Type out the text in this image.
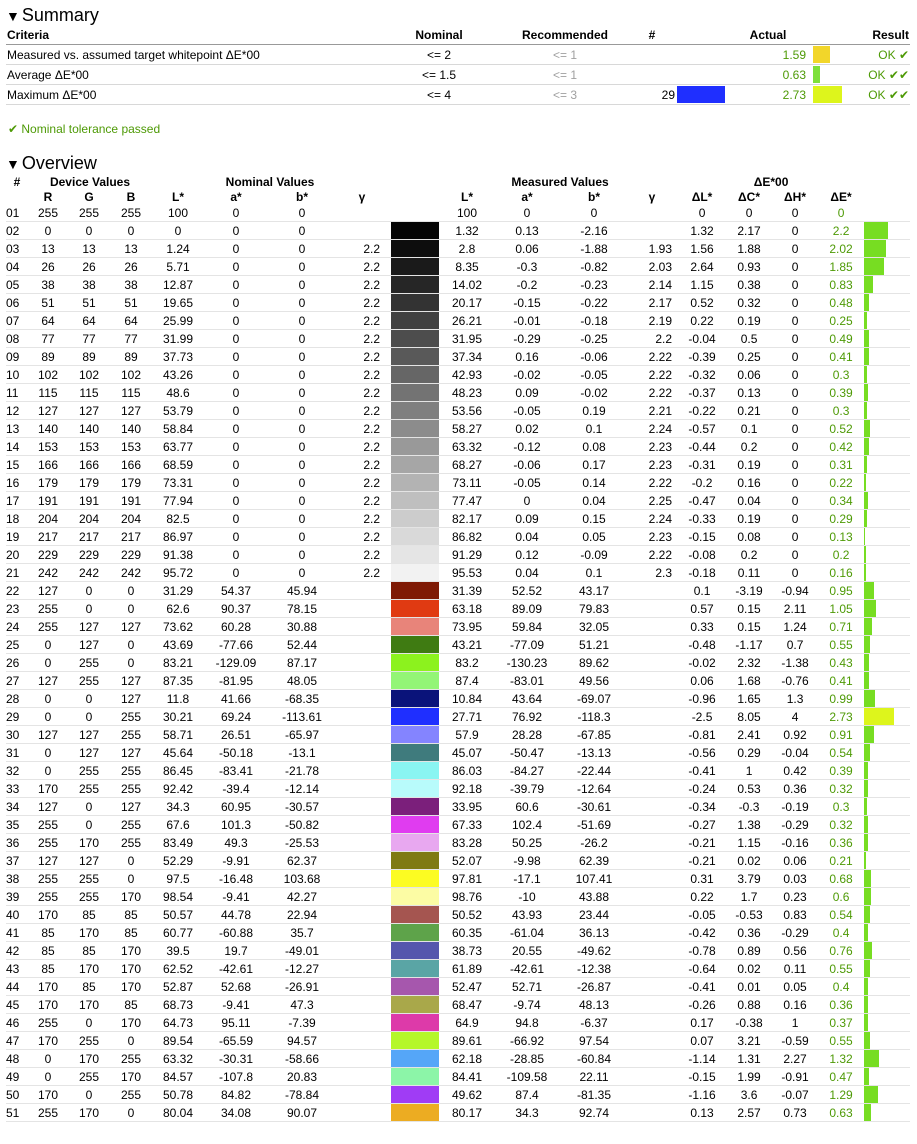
▼ Summary
Criteria	Nominal	Recommended	#		Actual		Result
Measured vs. assumed target whitepoint ΔE*00	<= 2	<= 1			1.59		OK ✔
Average ΔE*00	<= 1.5	<= 1			0.63		OK ✔✔
Maximum ΔE*00	<= 4	<= 3	29		2.73		OK ✔✔
✔ Nominal tolerance passed
▼ Overview
#	Device Values			Nominal Values					Measured Values				ΔE*00				
	R	G	B	L*	a*	b*	γ		L*	a*	b*	γ	ΔL*	ΔC*	ΔH*	ΔE*	
01	255	255	255	100	0	0			100	0	0		0	0	0	0	
02	0	0	0	0	0	0			1.32	0.13	-2.16		1.32	2.17	0	2.2	

03	13	13	13	1.24	0	0	2.2		2.8	0.06	-1.88	1.93	1.56	1.88	0	2.02	

04	26	26	26	5.71	0	0	2.2		8.35	-0.3	-0.82	2.03	2.64	0.93	0	1.85	

05	38	38	38	12.87	0	0	2.2		14.02	-0.2	-0.23	2.14	1.15	0.38	0	0.83	

06	51	51	51	19.65	0	0	2.2		20.17	-0.15	-0.22	2.17	0.52	0.32	0	0.48	

07	64	64	64	25.99	0	0	2.2		26.21	-0.01	-0.18	2.19	0.22	0.19	0	0.25	

08	77	77	77	31.99	0	0	2.2		31.95	-0.29	-0.25	2.2	-0.04	0.5	0	0.49	

09	89	89	89	37.73	0	0	2.2		37.34	0.16	-0.06	2.22	-0.39	0.25	0	0.41	

10	102	102	102	43.26	0	0	2.2		42.93	-0.02	-0.05	2.22	-0.32	0.06	0	0.3	

11	115	115	115	48.6	0	0	2.2		48.23	0.09	-0.02	2.22	-0.37	0.13	0	0.39	

12	127	127	127	53.79	0	0	2.2		53.56	-0.05	0.19	2.21	-0.22	0.21	0	0.3	

13	140	140	140	58.84	0	0	2.2		58.27	0.02	0.1	2.24	-0.57	0.1	0	0.52	

14	153	153	153	63.77	0	0	2.2		63.32	-0.12	0.08	2.23	-0.44	0.2	0	0.42	

15	166	166	166	68.59	0	0	2.2		68.27	-0.06	0.17	2.23	-0.31	0.19	0	0.31	

16	179	179	179	73.31	0	0	2.2		73.11	-0.05	0.14	2.22	-0.2	0.16	0	0.22	

17	191	191	191	77.94	0	0	2.2		77.47	0	0.04	2.25	-0.47	0.04	0	0.34	

18	204	204	204	82.5	0	0	2.2		82.17	0.09	0.15	2.24	-0.33	0.19	0	0.29	

19	217	217	217	86.97	0	0	2.2		86.82	0.04	0.05	2.23	-0.15	0.08	0	0.13	

20	229	229	229	91.38	0	0	2.2		91.29	0.12	-0.09	2.22	-0.08	0.2	0	0.2	

21	242	242	242	95.72	0	0	2.2		95.53	0.04	0.1	2.3	-0.18	0.11	0	0.16	

22	127	0	0	31.29	54.37	45.94			31.39	52.52	43.17		0.1	-3.19	-0.94	0.95	

23	255	0	0	62.6	90.37	78.15			63.18	89.09	79.83		0.57	0.15	2.11	1.05	

24	255	127	127	73.62	60.28	30.88			73.95	59.84	32.05		0.33	0.15	1.24	0.71	

25	0	127	0	43.69	-77.66	52.44			43.21	-77.09	51.21		-0.48	-1.17	0.7	0.55	

26	0	255	0	83.21	-129.09	87.17			83.2	-130.23	89.62		-0.02	2.32	-1.38	0.43	

27	127	255	127	87.35	-81.95	48.05			87.4	-83.01	49.56		0.06	1.68	-0.76	0.41	

28	0	0	127	11.8	41.66	-68.35			10.84	43.64	-69.07		-0.96	1.65	1.3	0.99	

29	0	0	255	30.21	69.24	-113.61			27.71	76.92	-118.3		-2.5	8.05	4	2.73	

30	127	127	255	58.71	26.51	-65.97			57.9	28.28	-67.85		-0.81	2.41	0.92	0.91	

31	0	127	127	45.64	-50.18	-13.1			45.07	-50.47	-13.13		-0.56	0.29	-0.04	0.54	

32	0	255	255	86.45	-83.41	-21.78			86.03	-84.27	-22.44		-0.41	1	0.42	0.39	

33	170	255	255	92.42	-39.4	-12.14			92.18	-39.79	-12.64		-0.24	0.53	0.36	0.32	

34	127	0	127	34.3	60.95	-30.57			33.95	60.6	-30.61		-0.34	-0.3	-0.19	0.3	

35	255	0	255	67.6	101.3	-50.82			67.33	102.4	-51.69		-0.27	1.38	-0.29	0.32	

36	255	170	255	83.49	49.3	-25.53			83.28	50.25	-26.2		-0.21	1.15	-0.16	0.36	

37	127	127	0	52.29	-9.91	62.37			52.07	-9.98	62.39		-0.21	0.02	0.06	0.21	

38	255	255	0	97.5	-16.48	103.68			97.81	-17.1	107.41		0.31	3.79	0.03	0.68	

39	255	255	170	98.54	-9.41	42.27			98.76	-10	43.88		0.22	1.7	0.23	0.6	

40	170	85	85	50.57	44.78	22.94			50.52	43.93	23.44		-0.05	-0.53	0.83	0.54	

41	85	170	85	60.77	-60.88	35.7			60.35	-61.04	36.13		-0.42	0.36	-0.29	0.4	

42	85	85	170	39.5	19.7	-49.01			38.73	20.55	-49.62		-0.78	0.89	0.56	0.76	

43	85	170	170	62.52	-42.61	-12.27			61.89	-42.61	-12.38		-0.64	0.02	0.11	0.55	

44	170	85	170	52.87	52.68	-26.91			52.47	52.71	-26.87		-0.41	0.01	0.05	0.4	

45	170	170	85	68.73	-9.41	47.3			68.47	-9.74	48.13		-0.26	0.88	0.16	0.36	

46	255	0	170	64.73	95.11	-7.39			64.9	94.8	-6.37		0.17	-0.38	1	0.37	

47	170	255	0	89.54	-65.59	94.57			89.61	-66.92	97.54		0.07	3.21	-0.59	0.55	

48	0	170	255	63.32	-30.31	-58.66			62.18	-28.85	-60.84		-1.14	1.31	2.27	1.32	

49	0	255	170	84.57	-107.8	20.83			84.41	-109.58	22.11		-0.15	1.99	-0.91	0.47	

50	170	0	255	50.78	84.82	-78.84			49.62	87.4	-81.35		-1.16	3.6	-0.07	1.29	

51	255	170	0	80.04	34.08	90.07			80.17	34.3	92.74		0.13	2.57	0.73	0.63	
